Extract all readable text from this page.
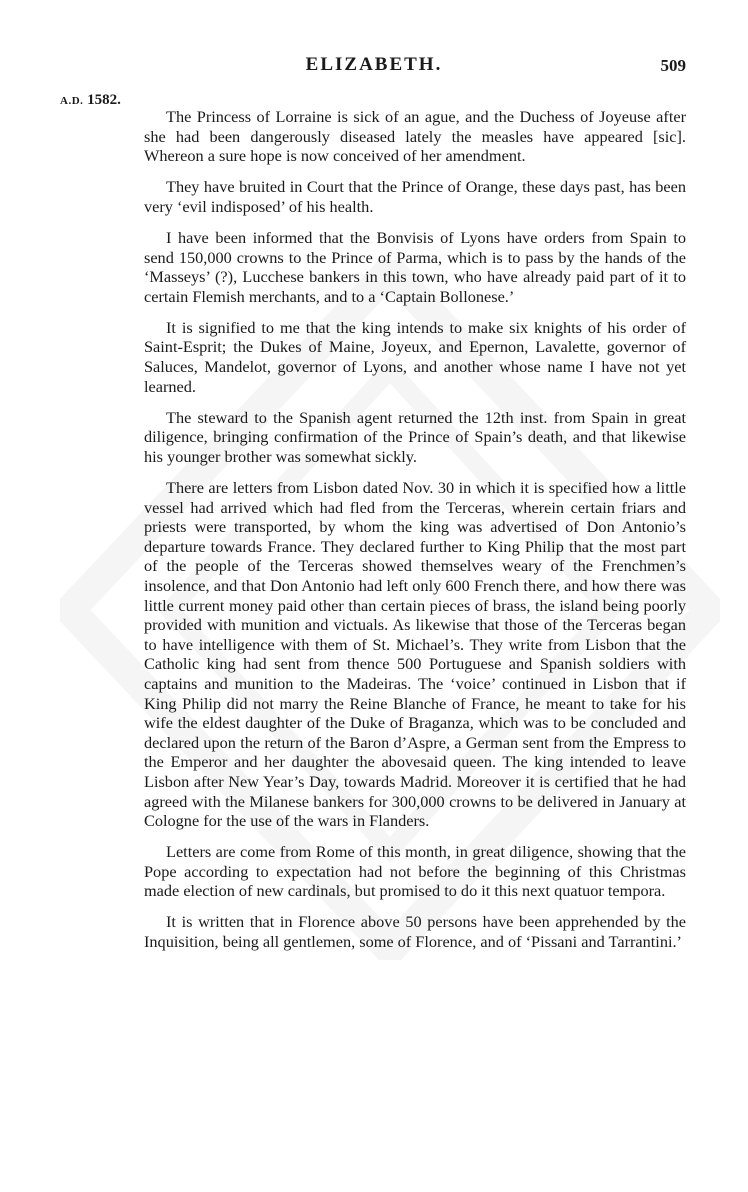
ELIZABETH.	509
A.D. 1582.

The Princess of Lorraine is sick of an ague, and the Duchess of Joyeuse after she had been dangerously diseased lately the measles have appeared [sic]. Whereon a sure hope is now conceived of her amendment.

They have bruited in Court that the Prince of Orange, these days past, has been very ‘evil indisposed’ of his health.

I have been informed that the Bonvisis of Lyons have orders from Spain to send 150,000 crowns to the Prince of Parma, which is to pass by the hands of the ‘Masseys’ (?), Lucchese bankers in this town, who have already paid part of it to certain Flemish merchants, and to a ‘Captain Bollonese.’

It is signified to me that the king intends to make six knights of his order of Saint-Esprit; the Dukes of Maine, Joyeux, and Epernon, Lavalette, governor of Saluces, Mandelot, governor of Lyons, and another whose name I have not yet learned.

The steward to the Spanish agent returned the 12th inst. from Spain in great diligence, bringing confirmation of the Prince of Spain’s death, and that likewise his younger brother was somewhat sickly.

There are letters from Lisbon dated Nov. 30 in which it is specified how a little vessel had arrived which had fled from the Terceras, wherein certain friars and priests were transported, by whom the king was advertised of Don Antonio’s departure towards France. They declared further to King Philip that the most part of the people of the Terceras showed themselves weary of the Frenchmen’s insolence, and that Don Antonio had left only 600 French there, and how there was little current money paid other than certain pieces of brass, the island being poorly provided with munition and victuals. As likewise that those of the Terceras began to have intelligence with them of St. Michael’s. They write from Lisbon that the Catholic king had sent from thence 500 Portuguese and Spanish soldiers with captains and munition to the Madeiras. The ‘voice’ continued in Lisbon that if King Philip did not marry the Reine Blanche of France, he meant to take for his wife the eldest daughter of the Duke of Braganza, which was to be concluded and declared upon the return of the Baron d’Aspre, a German sent from the Empress to the Emperor and her daughter the abovesaid queen. The king intended to leave Lisbon after New Year’s Day, towards Madrid. Moreover it is certified that he had agreed with the Milanese bankers for 300,000 crowns to be delivered in January at Cologne for the use of the wars in Flanders.

Letters are come from Rome of this month, in great diligence, showing that the Pope according to expectation had not before the beginning of this Christmas made election of new cardinals, but promised to do it this next quatuor tempora.

It is written that in Florence above 50 persons have been apprehended by the Inquisition, being all gentlemen, some of Florence, and of ‘Pissani and Tarrantini.’
